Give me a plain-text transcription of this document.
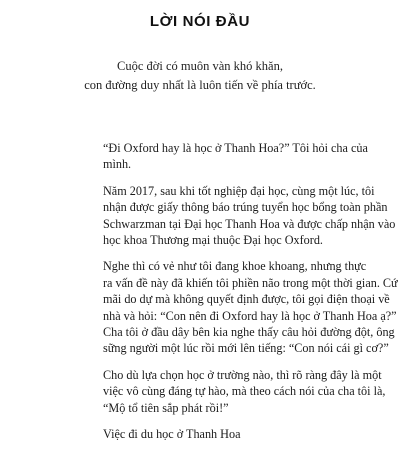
LỜI NÓI ĐẦU
Cuộc đời có muôn vàn khó khăn,
con đường duy nhất là luôn tiến về phía trước.
“Đi Oxford hay là học ở Thanh Hoa?” Tôi hỏi cha của
mình.
Năm 2017, sau khi tốt nghiệp đại học, cùng một lúc, tôi
nhận được giấy thông báo trúng tuyển học bổng toàn phần
Schwarzman tại Đại học Thanh Hoa và được chấp nhận vào
học khoa Thương mại thuộc Đại học Oxford.
Nghe thì có vẻ như tôi đang khoe khoang, nhưng thực
ra vấn đề này đã khiến tôi phiền não trong một thời gian. Cứ
mãi do dự mà không quyết định được, tôi gọi điện thoại về
nhà và hỏi: “Con nên đi Oxford hay là học ở Thanh Hoa ạ?”
Cha tôi ở đầu dây bên kia nghe thấy câu hỏi đường đột, ông
sững người một lúc rồi mới lên tiếng: “Con nói cái gì cơ?”
Cho dù lựa chọn học ở trường nào, thì rõ ràng đây là một
việc vô cùng đáng tự hào, mà theo cách nói của cha tôi là,
“Mộ tổ tiên sắp phát rồi!”
Việc đi du học ở Thanh Hoa
